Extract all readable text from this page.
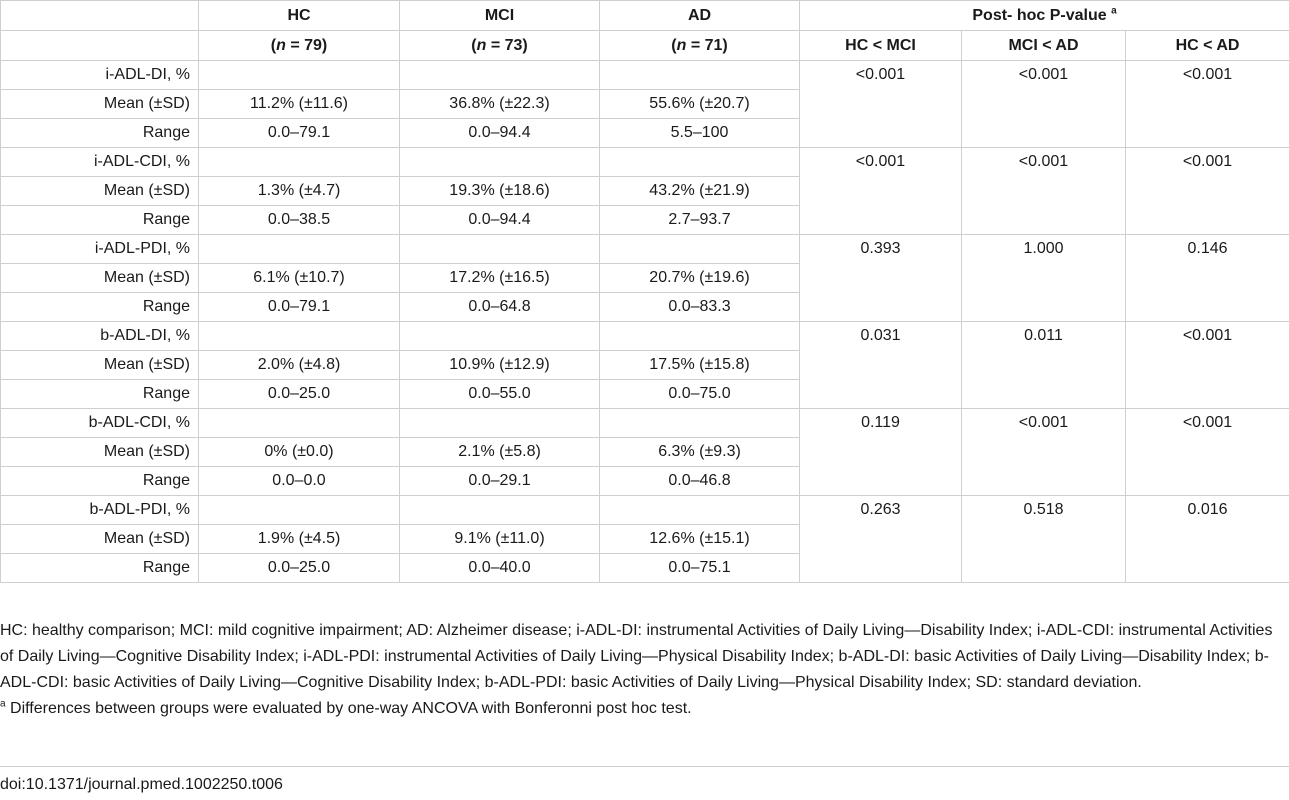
	HC	MCI	AD	Post- hoc P-value $^a$
	(n = 79)	(n = 73)	(n = 71)	HC < MCI	MCI < AD	HC < AD
i-ADL-DI, %				<0.001	<0.001	<0.001
Mean (±SD)	11.2% (±11.6)	36.8% (±22.3)	55.6% (±20.7)			
Range	0.0–79.1	0.0–94.4	5.5–100			
i-ADL-CDI, %				<0.001	<0.001	<0.001
Mean (±SD)	1.3% (±4.7)	19.3% (±18.6)	43.2% (±21.9)			
Range	0.0–38.5	0.0–94.4	2.7–93.7			
i-ADL-PDI, %				0.393	1.000	0.146
Mean (±SD)	6.1% (±10.7)	17.2% (±16.5)	20.7% (±19.6)			
Range	0.0–79.1	0.0–64.8	0.0–83.3			
b-ADL-DI, %				0.031	0.011	<0.001
Mean (±SD)	2.0% (±4.8)	10.9% (±12.9)	17.5% (±15.8)			
Range	0.0–25.0	0.0–55.0	0.0–75.0			
b-ADL-CDI, %				0.119	<0.001	<0.001
Mean (±SD)	0% (±0.0)	2.1% (±5.8)	6.3% (±9.3)			
Range	0.0–0.0	0.0–29.1	0.0–46.8			
b-ADL-PDI, %				0.263	0.518	0.016
Mean (±SD)	1.9% (±4.5)	9.1% (±11.0)	12.6% (±15.1)			
Range	0.0–25.0	0.0–40.0	0.0–75.1			

HC: healthy comparison; MCI: mild cognitive impairment; AD: Alzheimer disease; i-ADL-DI: instrumental Activities of Daily Living—Disability Index; i-ADL-CDI: instrumental Activities of Daily Living—Cognitive Disability Index; i-ADL-PDI: instrumental Activities of Daily Living—Physical Disability Index; b-ADL-DI: basic Activities of Daily Living—Disability Index; b-ADL-CDI: basic Activities of Daily Living—Cognitive Disability Index; b-ADL-PDI: basic Activities of Daily Living—Physical Disability Index; SD: standard deviation.

$^a$ Differences between groups were evaluated by one-way ANCOVA with Bonferonni post hoc test.

doi:10.1371/journal.pmed.1002250.t006
